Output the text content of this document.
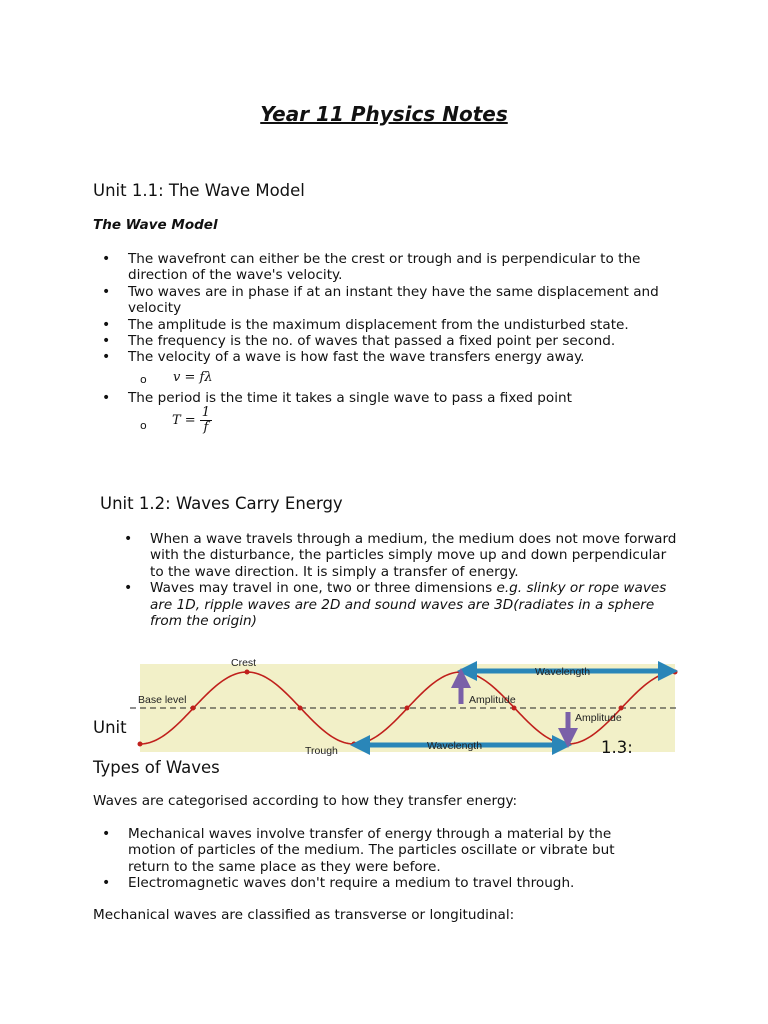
Year 11 Physics Notes
Unit 1.1: The Wave Model
The Wave Model
• The wavefront can either be the crest or trough and is perpendicular to the direction of the wave's velocity.
• Two waves are in phase if at an instant they have the same displacement and velocity
• The amplitude is the maximum displacement from the undisturbed state.
• The frequency is the no. of waves that passed a fixed point per second.
• The velocity of a wave is how fast the wave transfers energy away.
o v = fλ
• The period is the time it takes a single wave to pass a fixed point
o $T = \frac{1}{f}$
Unit 1.2: Waves Carry Energy
• When a wave travels through a medium, the medium does not move forward with the disturbance, the particles simply move up and down perpendicular to the wave direction. It is simply a transfer of energy.
• Waves may travel in one, two or three dimensions e.g. slinky or rope waves are 1D, ripple waves are 2D and sound waves are 3D(radiates in a sphere from the origin)
Crest
Base level
Trough
Wavelength
Wavelength
Amplitude
Amplitude
Unit
1.3:
Types of Waves
Waves are categorised according to how they transfer energy:
• Mechanical waves involve transfer of energy through a material by the motion of particles of the medium. The particles oscillate or vibrate but return to the same place as they were before.
• Electromagnetic waves don't require a medium to travel through.
Mechanical waves are classified as transverse or longitudinal:
